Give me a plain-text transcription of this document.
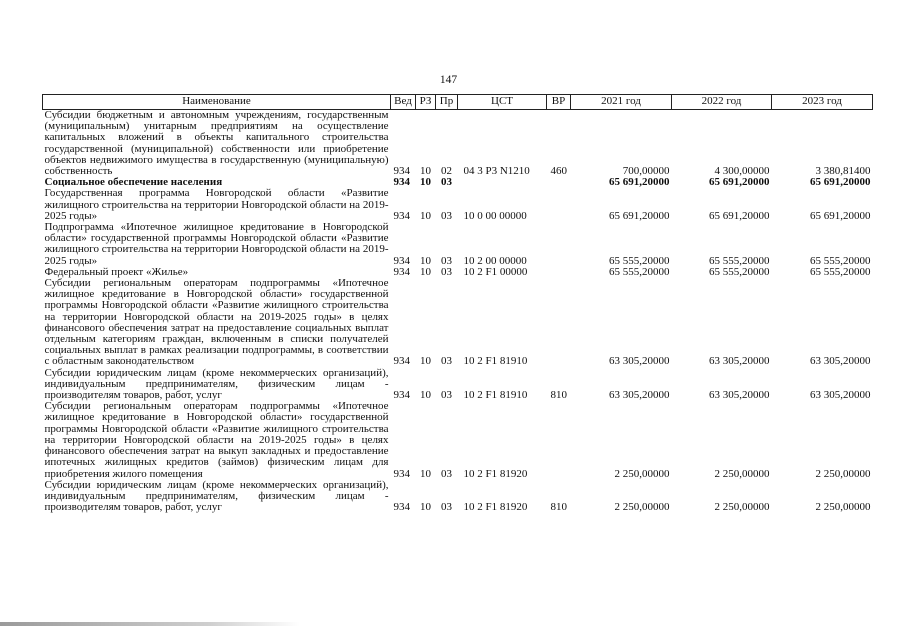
147
Наименование	Вед	РЗ	Пр	ЦСТ	ВР	2021 год	2022 год	2023 год
Субсидии бюджетным и автономным учреждениям, государственным (муниципальным) унитарным предприятиям на осуществление капитальных вложений в объекты капитального строительства государственной (муниципальной) собственности или приобретение объектов недвижимого имущества в государственную (муниципальную) собственность	934	10	02	04 3 P3 N1210	460	700,00000	4 300,00000	3 380,81400
Социальное обеспечение населения	934	10	03			65 691,20000	65 691,20000	65 691,20000
Государственная программа Новгородской области «Развитие жилищного строительства на территории Новгородской области на 2019-2025 годы»	934	10	03	10 0 00 00000		65 691,20000	65 691,20000	65 691,20000
Подпрограмма «Ипотечное жилищное кредитование в Новгородской области» государственной программы Новгородской области «Развитие жилищного строительства на территории Новгородской области на 2019-2025 годы»	934	10	03	10 2 00 00000		65 555,20000	65 555,20000	65 555,20000
Федеральный проект «Жилье»	934	10	03	10 2 F1 00000		65 555,20000	65 555,20000	65 555,20000
Субсидии региональным операторам подпрограммы «Ипотечное жилищное кредитование в Новгородской области» государственной программы Новгородской области «Развитие жилищного строительства на территории Новгородской области на 2019-2025 годы» в целях финансового обеспечения затрат на предоставление социальных выплат отдельным категориям граждан, включенным в списки получателей социальных выплат в рамках реализации подпрограммы, в соответствии с областным законодательством	934	10	03	10 2 F1 81910		63 305,20000	63 305,20000	63 305,20000
Субсидии юридическим лицам (кроме некоммерческих организаций), индивидуальным предпринимателям, физическим лицам - производителям товаров, работ, услуг	934	10	03	10 2 F1 81910	810	63 305,20000	63 305,20000	63 305,20000
Субсидии региональным операторам подпрограммы «Ипотечное жилищное кредитование в Новгородской области» государственной программы Новгородской области «Развитие жилищного строительства на территории Новгородской области на 2019-2025 годы» в целях финансового обеспечения затрат на выкуп закладных и предоставление ипотечных жилищных кредитов (займов) физическим лицам для приобретения жилого помещения	934	10	03	10 2 F1 81920		2 250,00000	2 250,00000	2 250,00000
Субсидии юридическим лицам (кроме некоммерческих организаций), индивидуальным предпринимателям, физическим лицам - производителям товаров, работ, услуг	934	10	03	10 2 F1 81920	810	2 250,00000	2 250,00000	2 250,00000
